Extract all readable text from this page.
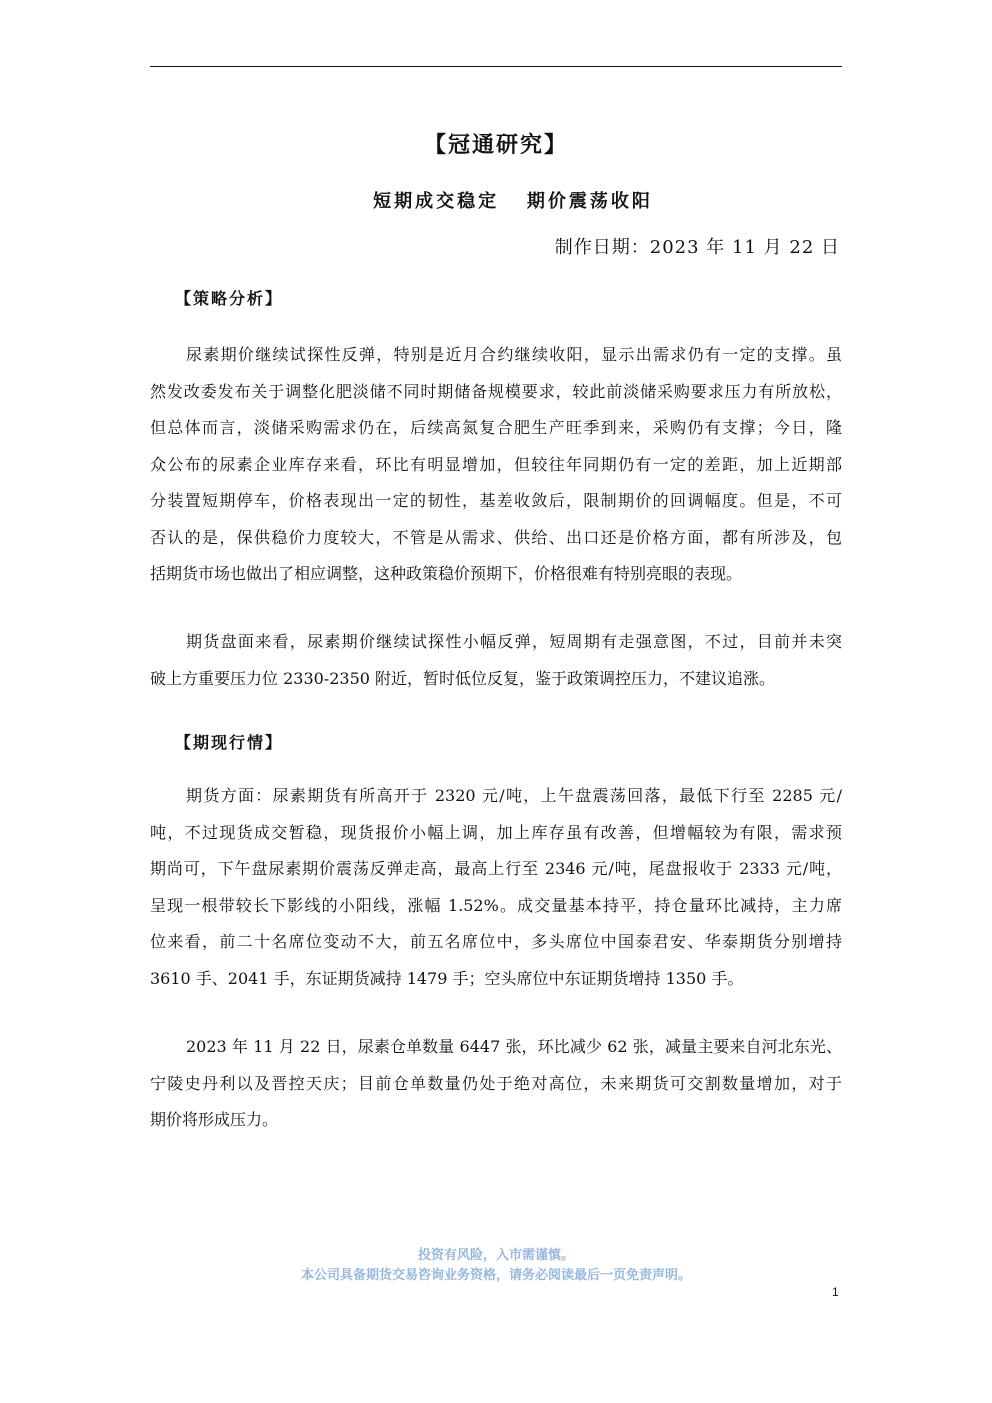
【冠通研究】
短期成交稳定   期价震荡收阳
制作日期：2023 年 11 月 22 日
【策略分析】
尿素期价继续试探性反弹，特别是近月合约继续收阳，显示出需求仍有一定的支撑。虽
然发改委发布关于调整化肥淡储不同时期储备规模要求，较此前淡储采购要求压力有所放松，
但总体而言，淡储采购需求仍在，后续高氮复合肥生产旺季到来，采购仍有支撑；今日，隆
众公布的尿素企业库存来看，环比有明显增加，但较往年同期仍有一定的差距，加上近期部
分装置短期停车，价格表现出一定的韧性，基差收敛后，限制期价的回调幅度。但是，不可
否认的是，保供稳价力度较大，不管是从需求、供给、出口还是价格方面，都有所涉及，包
括期货市场也做出了相应调整，这种政策稳价预期下，价格很难有特别亮眼的表现。
期货盘面来看，尿素期价继续试探性小幅反弹，短周期有走强意图，不过，目前并未突
破上方重要压力位 2330-2350 附近，暂时低位反复，鉴于政策调控压力，不建议追涨。
【期现行情】
期货方面：尿素期货有所高开于 2320 元/吨，上午盘震荡回落，最低下行至 2285 元/
吨，不过现货成交暂稳，现货报价小幅上调，加上库存虽有改善，但增幅较为有限，需求预
期尚可，下午盘尿素期价震荡反弹走高，最高上行至 2346 元/吨，尾盘报收于 2333 元/吨，
呈现一根带较长下影线的小阳线，涨幅 1.52%。成交量基本持平，持仓量环比减持，主力席
位来看，前二十名席位变动不大，前五名席位中，多头席位中国泰君安、华泰期货分别增持
3610 手、2041 手，东证期货减持 1479 手；空头席位中东证期货增持 1350 手。
2023 年 11 月 22 日，尿素仓单数量 6447 张，环比减少 62 张，减量主要来自河北东光、
宁陵史丹利以及晋控天庆；目前仓单数量仍处于绝对高位，未来期货可交割数量增加，对于
期价将形成压力。
投资有风险，入市需谨慎。
本公司具备期货交易咨询业务资格，请务必阅读最后一页免责声明。
1
